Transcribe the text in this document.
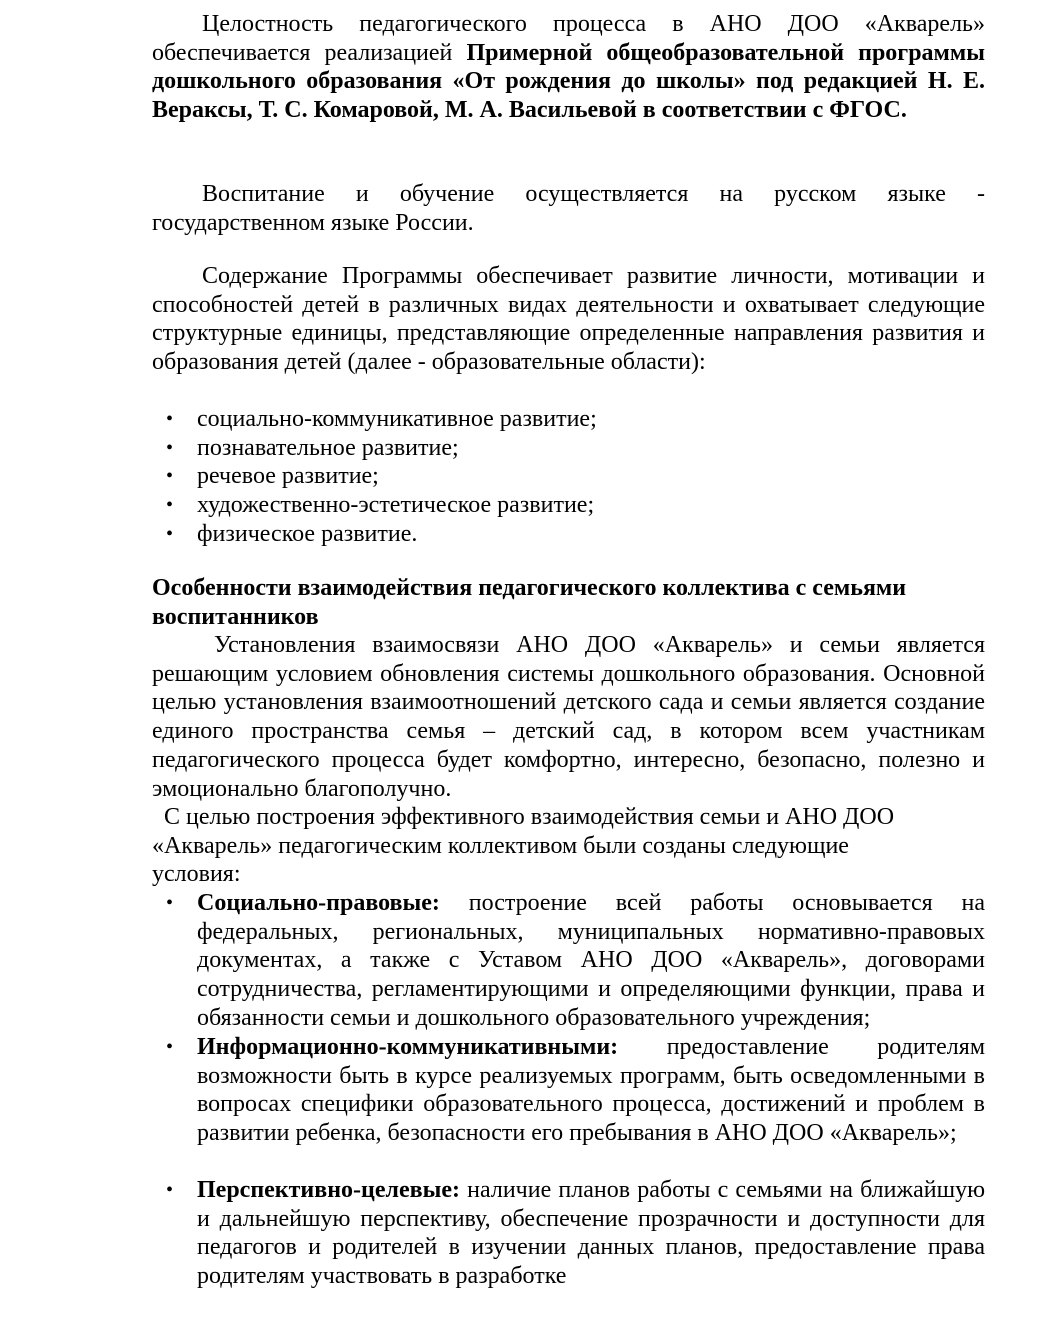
Целостность педагогического процесса в АНО ДОО «Акварель» обеспечивается реализацией Примерной общеобразовательной программы дошкольного образования «От рождения до школы» под редакцией Н. Е. Вераксы, Т. С. Комаровой, М. А. Васильевой в соответствии с ФГОС.

Воспитание и обучение осуществляется на русском языке - государственном языке России.

Содержание Программы обеспечивает развитие личности, мотивации и способностей детей в различных видах деятельности и охватывает следующие структурные единицы, представляющие определенные направления развития и образования детей (далее - образовательные области):

• социально-коммуникативное развитие;
• познавательное развитие;
• речевое развитие;
• художественно-эстетическое развитие;
• физическое развитие.

Особенности взаимодействия педагогического коллектива с семьями воспитанников

Установления взаимосвязи АНО ДОО «Акварель» и семьи является решающим условием обновления системы дошкольного образования. Основной целью установления взаимоотношений детского сада и семьи является создание единого пространства семья – детский сад, в котором всем участникам педагогического процесса будет комфортно, интересно, безопасно, полезно и эмоционально благополучно.

С целью построения эффективного взаимодействия семьи и АНО ДОО

«Акварель» педагогическим коллективом были созданы следующие

условия:

• Социально-правовые: построение всей работы основывается на федеральных, региональных, муниципальных нормативно-правовых документах, а также с Уставом АНО ДОО «Акварель», договорами сотрудничества, регламентирующими и определяющими функции, права и обязанности семьи и дошкольного образовательного учреждения;
• Информационно-коммуникативными: предоставление родителям возможности быть в курсе реализуемых программ, быть осведомленными в вопросах специфики образовательного процесса, достижений и проблем в развитии ребенка, безопасности его пребывания в АНО ДОО «Акварель»;
• Перспективно-целевые: наличие планов работы с семьями на ближайшую и дальнейшую перспективу, обеспечение прозрачности и доступности для педагогов и родителей в изучении данных планов, предоставление права родителям участвовать в разработке
